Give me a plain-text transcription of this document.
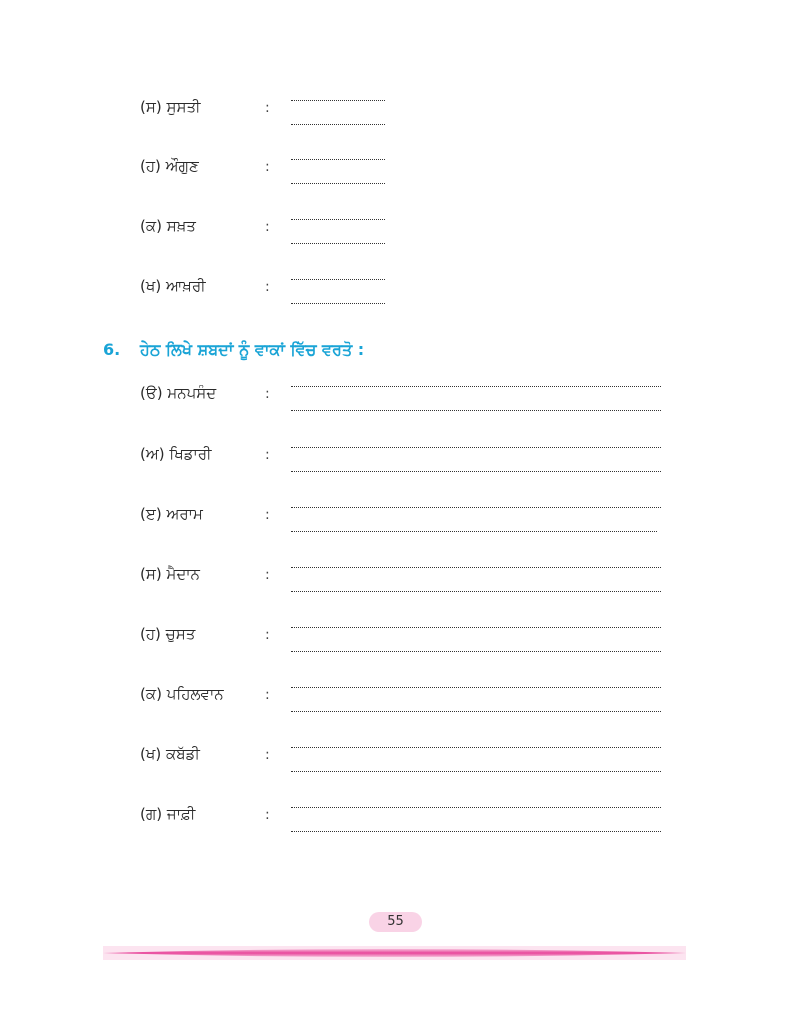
(ਸ) ਸੁਸਤੀ	:
(ਹ) ਔਗੁਣ	:
(ਕ) ਸਖ਼ਤ	:
(ਖ) ਆਖ਼ਰੀ	:
6. ਹੇਠ ਲਿਖੇ ਸ਼ਬਦਾਂ ਨੂੰ ਵਾਕਾਂ ਵਿੱਚ ਵਰਤੋ :
(ੳ) ਮਨਪਸੰਦ	:
(ਅ) ਖਿਡਾਰੀ	:
(ੲ) ਅਰਾਮ	:
(ਸ) ਮੈਦਾਨ	:
(ਹ) ਚੁਸਤ	:
(ਕ) ਪਹਿਲਵਾਨ	:
(ਖ) ਕਬੱਡੀ	:
(ਗ) ਜਾਫ਼ੀ	:
55
